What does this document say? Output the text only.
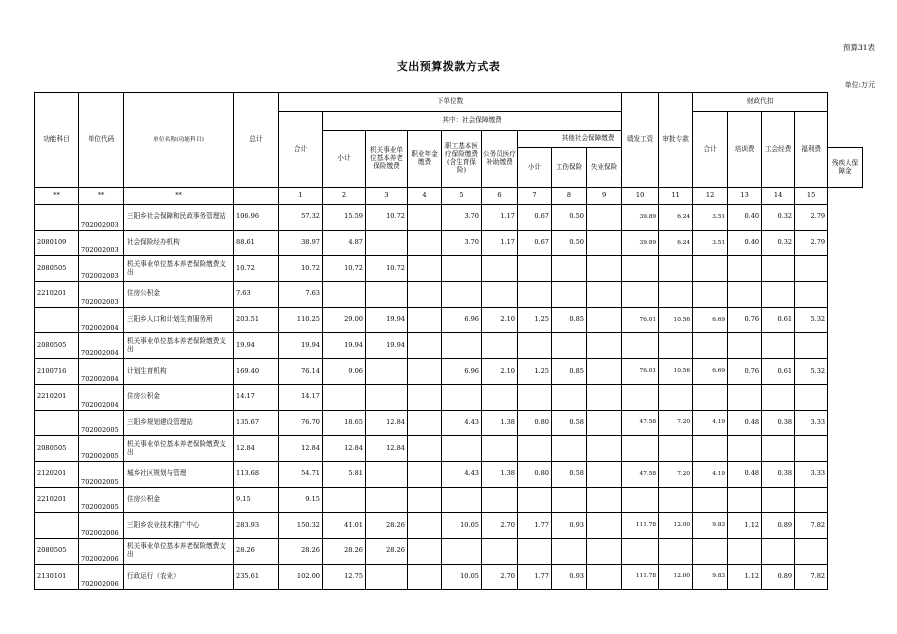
预算31表
支出预算拨款方式表
单位:万元
功能科目	单位代码	单位名称(功能科目)	总计	下单位数									绩发工资	审批专款	财政代扣				
				合计	其中：社会保障缴费										合计	培训费	工会经费	福利费	
					小计	机关事业单位基本养老保险缴费	职业年金缴费	职工基本医疗保险缴费(含生育保险)	公务员医疗补助缴费	其他社会保障缴费									
										小计	工伤保险	失业保险							残疾人保障金
**	**	**		1	2	3	4	5	6	7	8	9	10	11	12	13	14	15	
	702002003	三阳乡社会保障和民政事务管理站	106.96	57.32	15.59	10.72		3.70	1.17	0.67	0.50		39.89	6.24	3.51	0.40	0.32	2.79	
2080109	702002003	社会保险经办机构	88.61	38.97	4.87			3.70	1.17	0.67	0.50		39.89	6.24	3.51	0.40	0.32	2.79	
2080505	702002003	机关事业单位基本养老保险缴费支出	10.72	10.72	10.72	10.72													
2210201	702002003	住房公积金	7.63	7.63															
	702002004	三阳乡人口和计划生育服务所	203.51	110.25	29.00	19.94		6.96	2.10	1.25	0.85		76.01	10.56	6.69	0.76	0.61	5.32	
2080505	702002004	机关事业单位基本养老保险缴费支出	19.94	19.94	19.94	19.94													
2100716	702002004	计划生育机构	169.40	76.14	9.06			6.96	2.10	1.25	0.85		76.01	10.56	6.69	0.76	0.61	5.32	
2210201	702002004	住房公积金	14.17	14.17															
	702002005	三阳乡规划建设管理站	135.67	76.70	18.65	12.84		4.43	1.38	0.80	0.58		47.58	7.20	4.19	0.48	0.38	3.33	
2080505	702002005	机关事业单位基本养老保险缴费支出	12.84	12.84	12.84	12.84													
2120201	702002005	城乡社区规划与管理	113.68	54.71	5.81			4.43	1.38	0.80	0.58		47.58	7.20	4.19	0.48	0.38	3.33	
2210201	702002005	住房公积金	9.15	9.15															
	702002006	三阳乡农业技术推广中心	283.93	150.32	41.01	28.26		10.05	2.70	1.77	0.93		111.78	12.00	9.83	1.12	0.89	7.82	
2080505	702002006	机关事业单位基本养老保险缴费支出	28.26	28.26	28.26	28.26													
2130101	702002006	行政运行（农业）	235.61	102.00	12.75			10.05	2.70	1.77	0.93		111.78	12.00	9.83	1.12	0.89	7.82	
